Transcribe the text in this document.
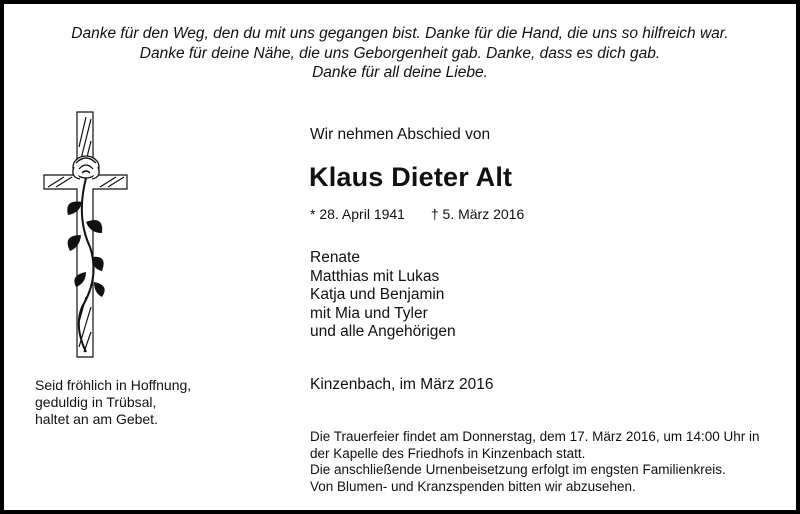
Danke für den Weg, den du mit uns gegangen bist. Danke für die Hand, die uns so hilfreich war.
Danke für deine Nähe, die uns Geborgenheit gab. Danke, dass es dich gab.
Danke für all deine Liebe.
Wir nehmen Abschied von
Klaus Dieter Alt
* 28. April 1941 † 5. März 2016
Renate
Matthias mit Lukas
Katja und Benjamin
mit Mia und Tyler
und alle Angehörigen
Kinzenbach, im März 2016
Seid fröhlich in Hoffnung,
geduldig in Trübsal,
haltet an am Gebet.
Die Trauerfeier findet am Donnerstag, dem 17. März 2016, um 14:00 Uhr in
der Kapelle des Friedhofs in Kinzenbach statt.
Die anschließende Urnenbeisetzung erfolgt im engsten Familienkreis.
Von Blumen- und Kranzspenden bitten wir abzusehen.
